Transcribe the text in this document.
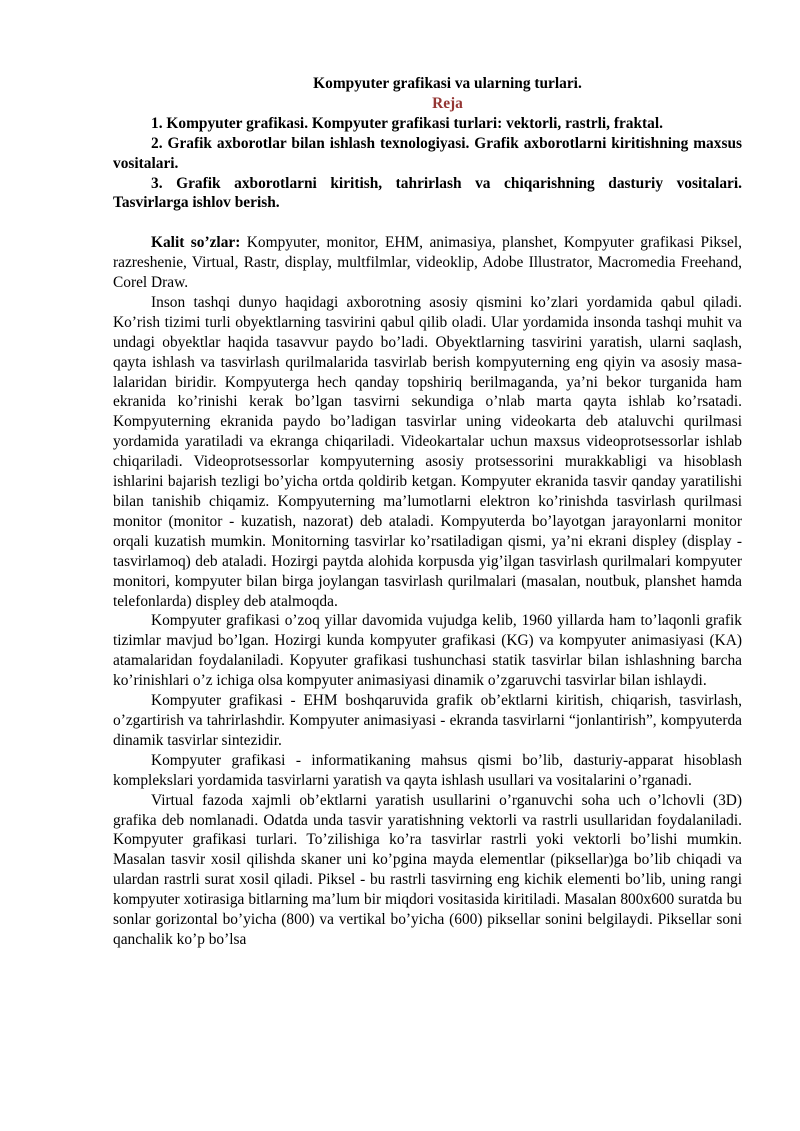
Kompyuter grafikasi va ularning turlari.

Reja

1. Kompyuter grafikasi. Kompyuter grafikasi turlari: vektorli, rastrli, fraktal.

2. Grafik axborotlar bilan ishlash texnologiyasi. Grafik axborotlarni kiritishning maxsus vositalari.

3. Grafik axborotlarni kiritish, tahrirlash va chiqarishning dasturiy vositalari. Tasvirlarga ishlov berish.

Kalit so’zlar: Kompyuter, monitor, EHM, animasiya, planshet, Kompyuter grafikasi Piksel, razreshenie, Virtual, Rastr, display, multfilmlar, videoklip, Adobe Illustrator, Macromedia Freehand, Corel Draw.

Inson tashqi dunyo haqidagi axborotning asosiy qismini ko’zlari yordamida qabul qiladi. Ko’rish tizimi turli obyektlarning tasvirini qabul qilib oladi. Ular yordamida insonda tashqi muhit va undagi obyektlar haqida tasavvur paydo bo’ladi. Obyektlarning tasvirini yaratish, ularni saqlash, qayta ishlash va tasvirlash qurilmalarida tasvirlab berish kompyuterning eng qiyin va asosiy masa- lalaridan biridir. Kompyuterga hech qanday topshiriq berilmaganda, ya’ni bekor turganida ham ekranida ko’rinishi kerak bo’lgan tasvirni sekundiga o’nlab marta qayta ishlab ko’rsatadi. Kompyuterning ekranida paydo bo’ladigan tasvirlar uning videokarta deb ataluvchi qurilmasi yordamida yaratiladi va ekranga chiqariladi. Videokartalar uchun maxsus videoprotsessorlar ishlab chiqariladi. Videoprotsessorlar kompyuterning asosiy protsessorini murakkabligi va hisoblash ishlarini bajarish tezligi bo’yicha ortda qoldirib ketgan. Kompyuter ekranida tasvir qanday yaratilishi bilan tanishib chiqamiz. Kompyuterning ma’lumotlarni elektron ko’rinishda tasvirlash qurilmasi monitor (monitor - kuzatish, nazorat) deb ataladi. Kompyuterda bo’layotgan jarayonlarni monitor orqali kuzatish mumkin. Monitorning tasvirlar ko’rsatiladigan qismi, ya’ni ekrani displey (display - tasvirlamoq) deb ataladi. Hozirgi paytda alohida korpusda yig’ilgan tasvirlash qurilmalari kompyuter monitori, kompyuter bilan birga joylangan tasvirlash qurilmalari (masalan, noutbuk, planshet hamda telefonlarda) displey deb atalmoqda.

Kompyuter grafikasi o’zoq yillar davomida vujudga kelib, 1960 yillarda ham to’laqonli grafik tizimlar mavjud bo’lgan. Hozirgi kunda kompyuter grafikasi (KG) va kompyuter animasiyasi (KA) atamalaridan foydalaniladi. Kopyuter grafikasi tushunchasi statik tasvirlar bilan ishlashning barcha ko’rinishlari o’z ichiga olsa kompyuter animasiyasi dinamik o’zgaruvchi tasvirlar bilan ishlaydi.

Kompyuter grafikasi - EHM boshqaruvida grafik ob’ektlarni kiritish, chiqarish, tasvirlash, o’zgartirish va tahrirlashdir. Kompyuter animasiyasi - ekranda tasvirlarni “jonlantirish”, kompyuterda dinamik tasvirlar sintezidir.

Kompyuter grafikasi - informatikaning mahsus qismi bo’lib, dasturiy-apparat hisoblash komplekslari yordamida tasvirlarni yaratish va qayta ishlash usullari va vositalarini o’rganadi.

Virtual fazoda xajmli ob’ektlarni yaratish usullarini o’rganuvchi soha uch o’lchovli (3D) grafika deb nomlanadi. Odatda unda tasvir yaratishning vektorli va rastrli usullaridan foydalaniladi. Kompyuter grafikasi turlari. To’zilishiga ko’ra tasvirlar rastrli yoki vektorli bo’lishi mumkin. Masalan tasvir xosil qilishda skaner uni ko’pgina mayda elementlar (piksellar)ga bo’lib chiqadi va ulardan rastrli surat xosil qiladi. Piksel - bu rastrli tasvirning eng kichik elementi bo’lib, uning rangi kompyuter xotirasiga bitlarning ma’lum bir miqdori vositasida kiritiladi. Masalan 800x600 suratda bu sonlar gorizontal bo’yicha (800) va vertikal bo’yicha (600) piksellar sonini belgilaydi. Piksellar soni qanchalik ko’p bo’lsa
